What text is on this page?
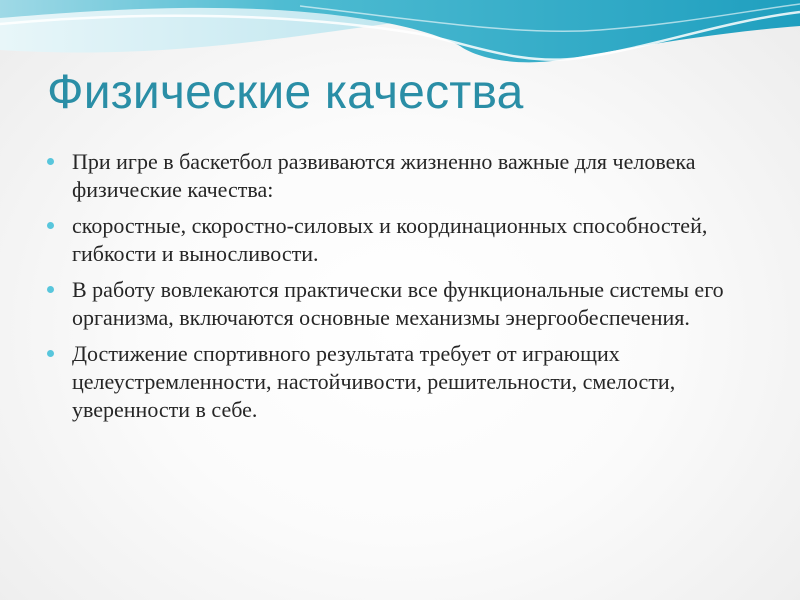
Физические качества
При игре в баскетбол развиваются жизненно важные для человека физические качества:
скоростные, скоростно-силовых и координационных способностей, гибкости и выносливости.
В работу вовлекаются практически все функциональные системы его организма, включаются основные механизмы энергообеспечения.
Достижение спортивного результата требует от играющих целеустремленности, настойчивости, решительности, смелости, уверенности в себе.
